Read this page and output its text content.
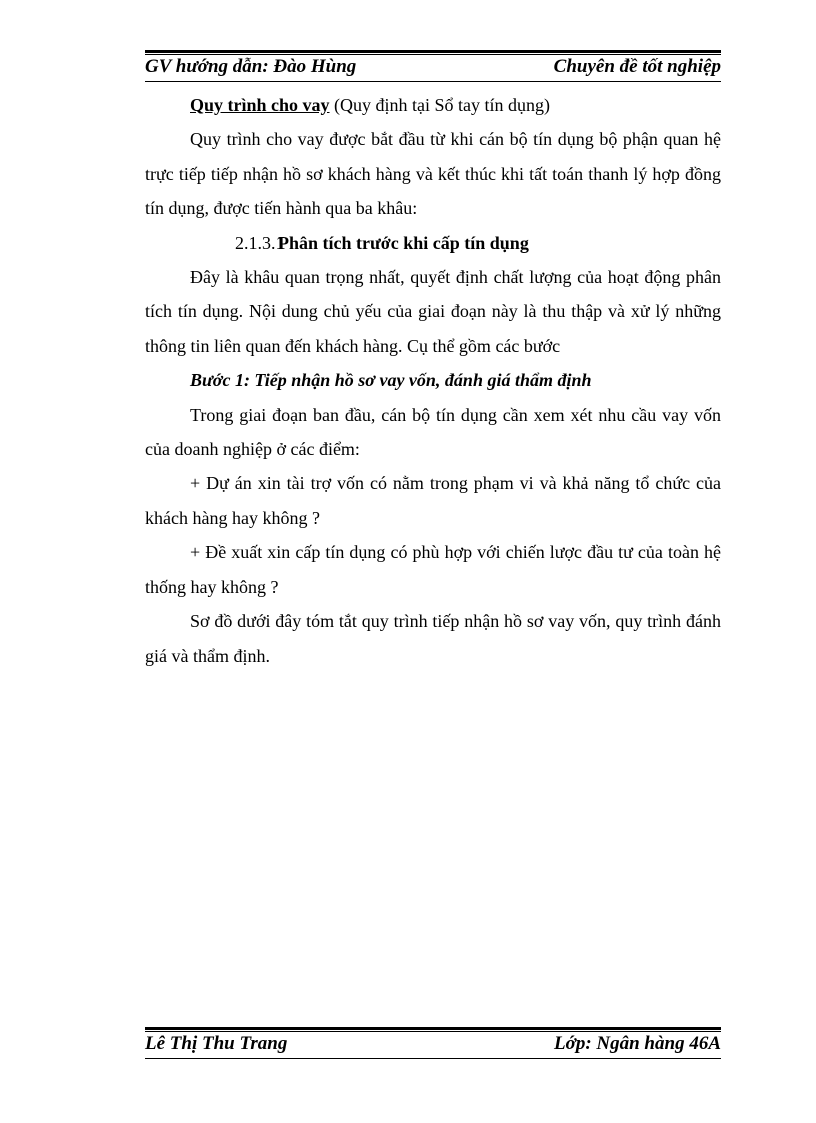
GV hướng dẫn: Đào Hùng	Chuyên đề tốt nghiệp

Quy trình cho vay (Quy định tại Sổ tay tín dụng)

Quy trình cho vay được bắt đầu từ khi cán bộ tín dụng bộ phận quan hệ trực tiếp tiếp nhận hồ sơ khách hàng và kết thúc khi tất toán thanh lý hợp đồng tín dụng, được tiến hành qua ba khâu:

2.1.3.1Phân tích trước khi cấp tín dụng

Đây là khâu quan trọng nhất, quyết định chất lượng của hoạt động phân tích tín dụng. Nội dung chủ yếu của giai đoạn này là thu thập và xử lý những thông tin liên quan đến khách hàng. Cụ thể gồm các bước

Bước 1: Tiếp nhận hồ sơ vay vốn, đánh giá thẩm định

Trong giai đoạn ban đầu, cán bộ tín dụng cần xem xét nhu cầu vay vốn của doanh nghiệp ở các điểm:

+ Dự án xin tài trợ vốn có nằm trong phạm vi và khả năng tổ chức của khách hàng hay không ?

+ Đề xuất xin cấp tín dụng có phù hợp với chiến lược đầu tư của toàn hệ thống hay không ?

Sơ đồ dưới đây tóm tắt quy trình tiếp nhận hồ sơ vay vốn, quy trình đánh giá và thẩm định.

Lê Thị Thu Trang	Lớp: Ngân hàng 46A
